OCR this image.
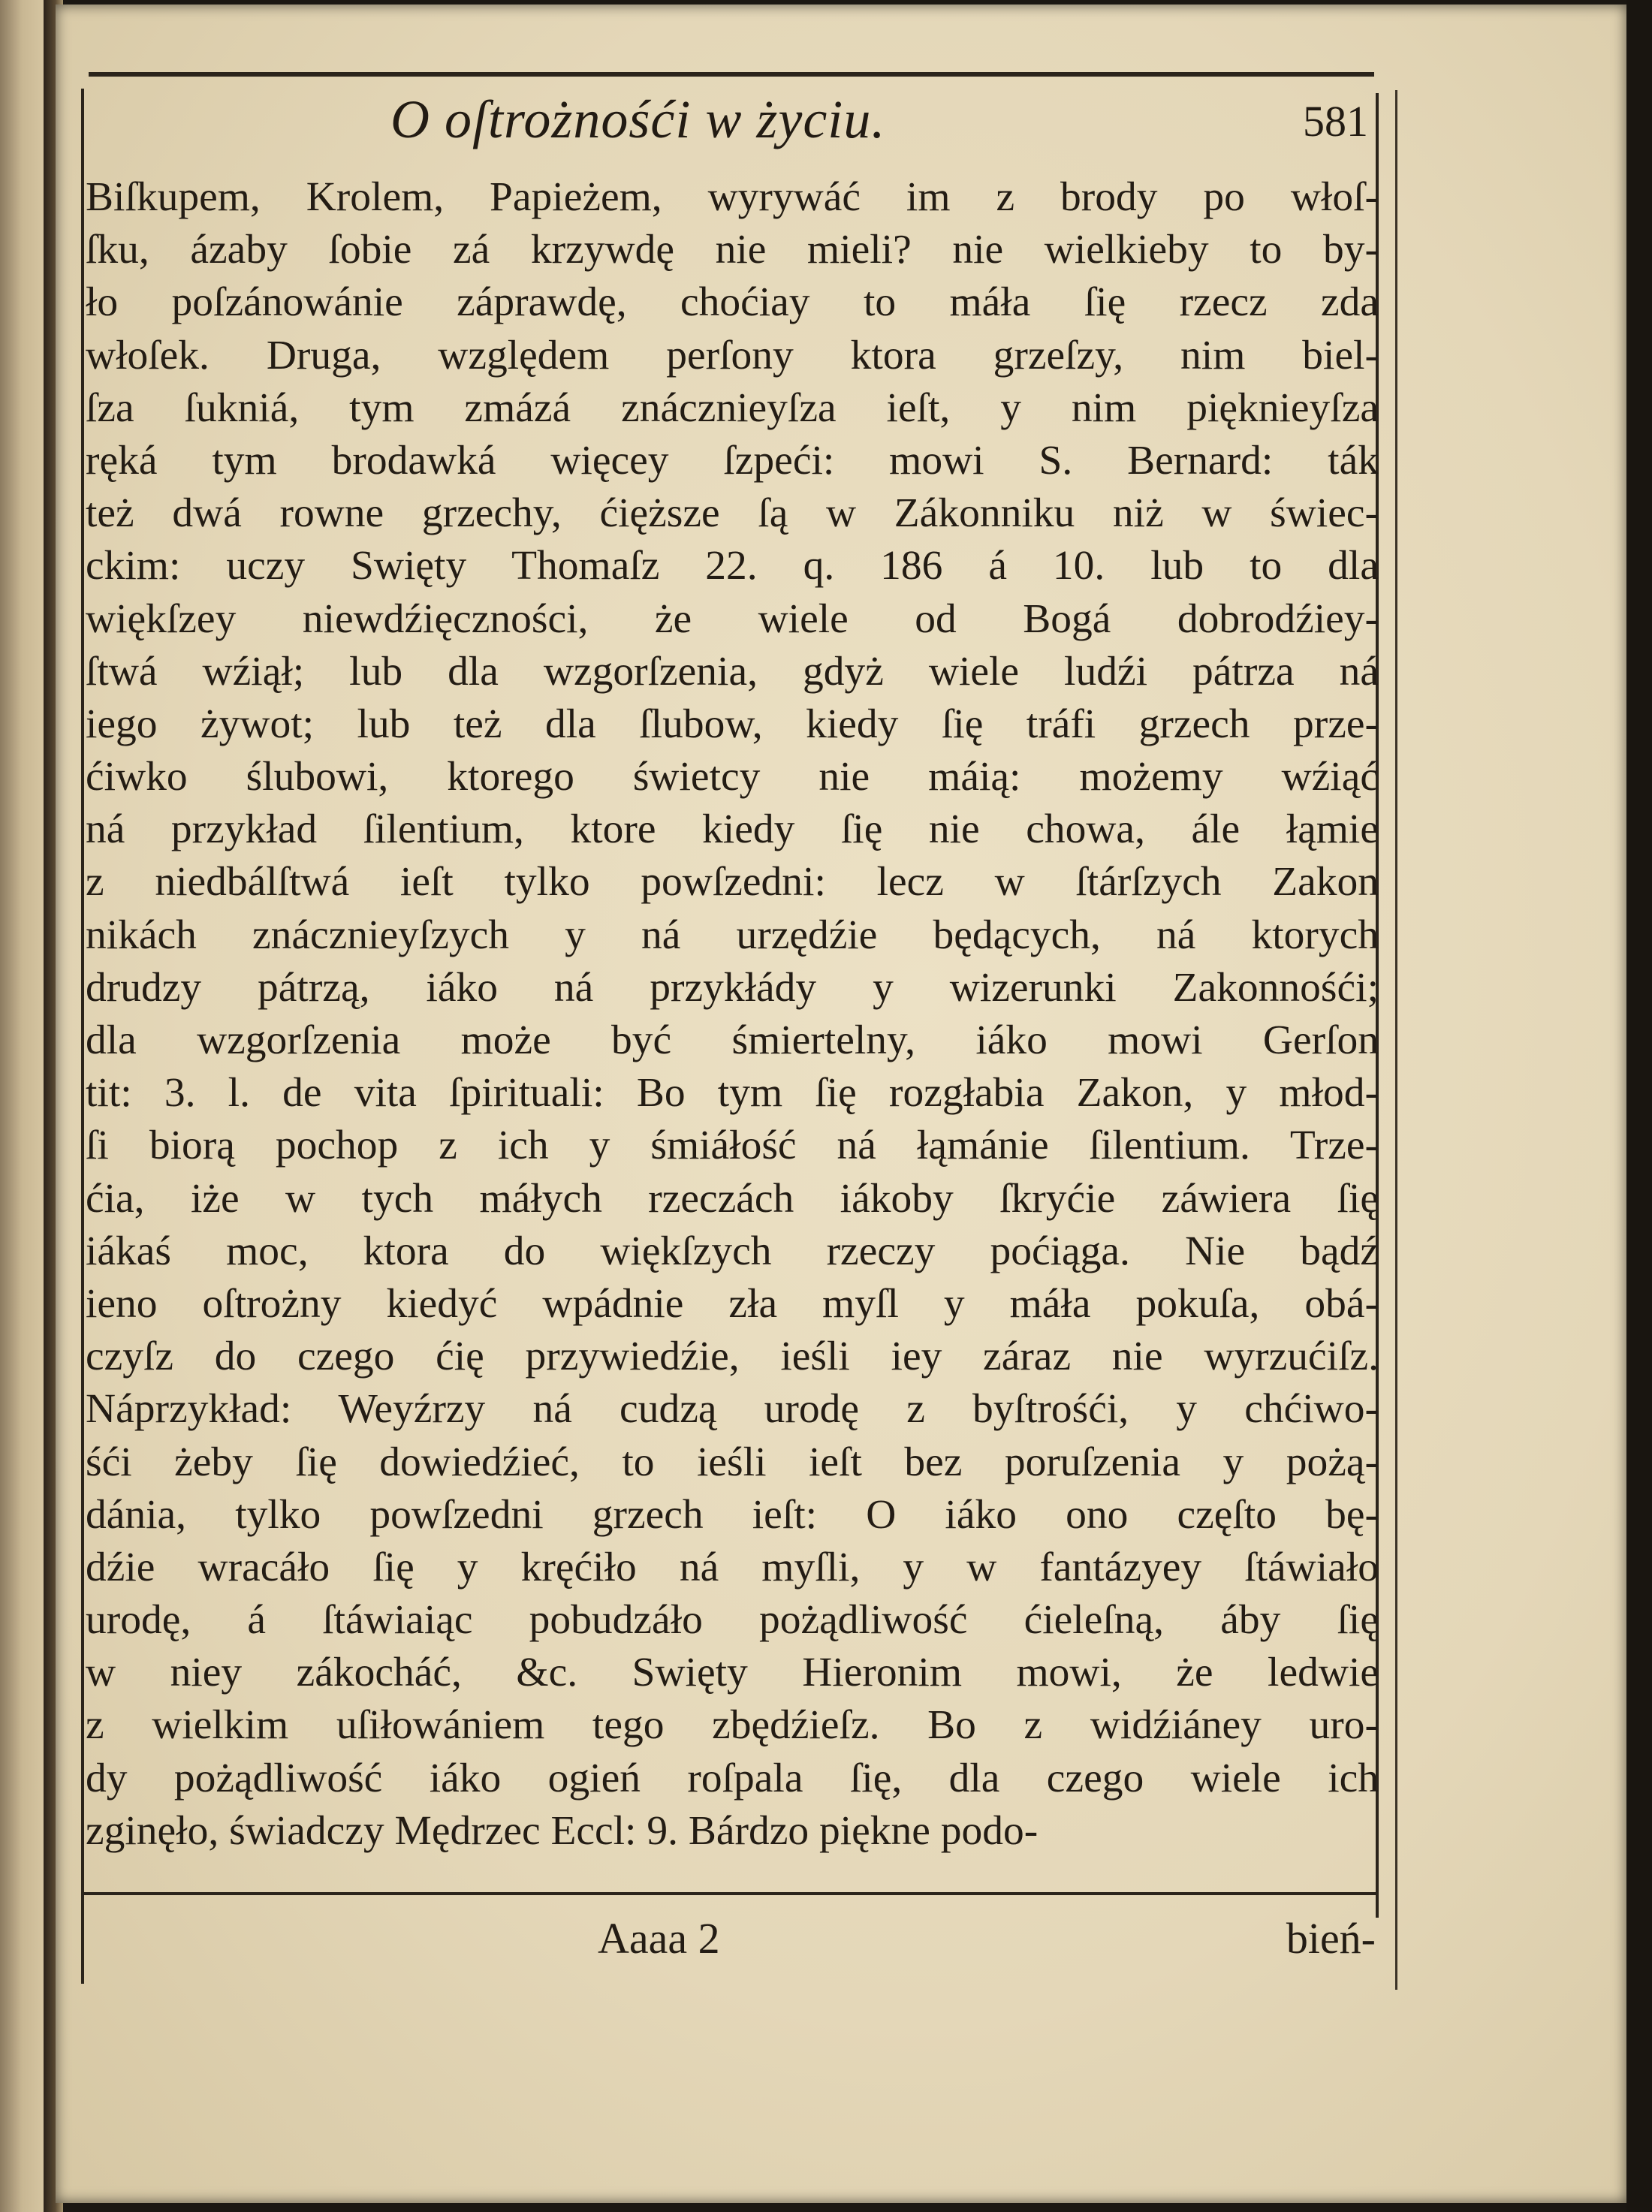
O oſtrożnośći w życiu.	581
Biſkupem, Krolem, Papieżem, wyrywáć im z brody po włoſ-
ſku, ázaby ſobie zá krzywdę nie mieli? nie wielkieby to by-
ło poſzánowánie záprawdę, choćiay to máła ſię rzecz zda
włoſek. Druga, względem perſony ktora grzeſzy, nim biel-
ſza ſukniá, tym zmázá znácznieyſza ieſt, y nim pięknieyſza
ręká tym brodawká więcey ſzpeći: mowi S. Bernard: ták
też dwá rowne grzechy, ćięższe ſą w Zákonniku niż w świec-
ckim: uczy Swięty Thomaſz 22. q. 186 á 10. lub to dla
więkſzey niewdźięczności, że wiele od Bogá dobrodźiey-
ſtwá wźiął; lub dla wzgorſzenia, gdyż wiele ludźi pátrza ná
iego żywot; lub też dla ſlubow, kiedy ſię tráfi grzech prze-
ćiwko ślubowi, ktorego świetcy nie máią: możemy wźiąć
ná przykład ſilentium, ktore kiedy ſię nie chowa, ále łąmie
z niedbálſtwá ieſt tylko powſzedni: lecz w ſtárſzych Zakon
nikách znácznieyſzych y ná urzędźie będących, ná ktorych
drudzy pátrzą, iáko ná przykłády y wizerunki Zakonnośći;
dla wzgorſzenia może być śmiertelny, iáko mowi Gerſon
tit: 3. l. de vita ſpirituali: Bo tym ſię rozgłabia Zakon, y młod-
ſi biorą pochop z ich y śmiáłość ná łąmánie ſilentium. Trze-
ćia, iże w tych máłych rzeczách iákoby ſkryćie záwiera ſię
iákaś moc, ktora do więkſzych rzeczy poćiąga. Nie bądź
ieno oſtrożny kiedyć wpádnie zła myſl y máła pokuſa, obá-
czyſz do czego ćię przywiedźie, ieśli iey záraz nie wyrzućiſz.
Náprzykład: Weyźrzy ná cudzą urodę z byſtrośći, y chćiwo-
śći żeby ſię dowiedźieć, to ieśli ieſt bez poruſzenia y pożą-
dánia, tylko powſzedni grzech ieſt: O iáko ono częſto bę-
dźie wracáło ſię y kręćiło ná myſli, y w fantázyey ſtáwiało
urodę, á ſtáwiaiąc pobudzáło pożądliwość ćieleſną, áby ſię
w niey zákocháć, &c. Swięty Hieronim mowi, że ledwie
z wielkim uſiłowániem tego zbędźieſz. Bo z widźiáney uro-
dy pożądliwość iáko ogień roſpala ſię, dla czego wiele ich
zginęło, świadczy Mędrzec Eccl: 9. Bárdzo piękne podo-
Aaaa 2	bień-
